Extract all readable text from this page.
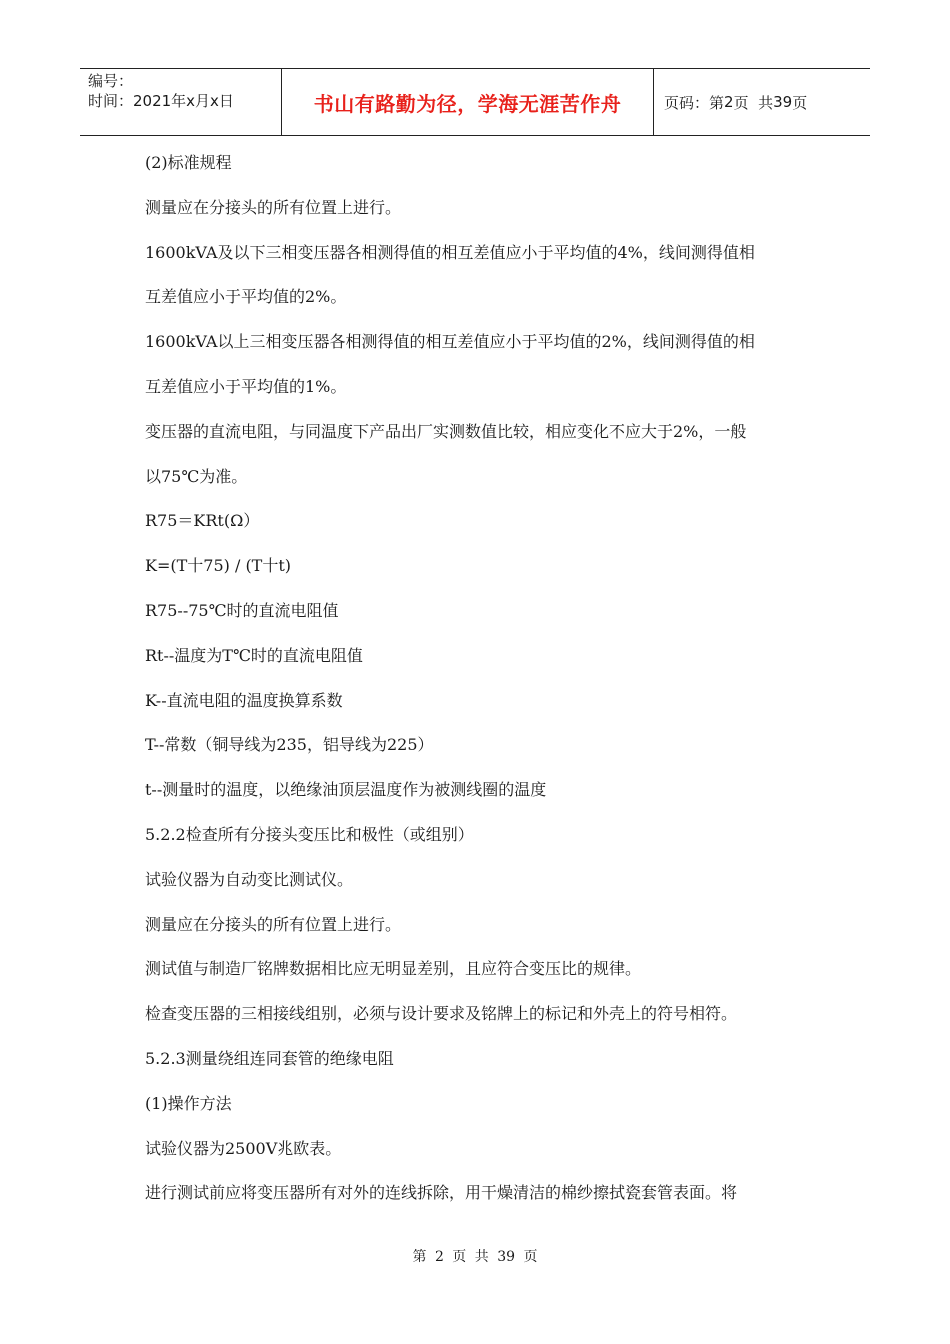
编号：
时间：2021年x月x日	书山有路勤为径，学海无涯苦作舟	页码：第 2 页  共 39 页
(2)标准规程
测量应在分接头的所有位置上进行。
1600kVA及以下三相变压器各相测得值的相互差值应小于平均值的4%，线间测得值相
互差值应小于平均值的2%。
1600kVA以上三相变压器各相测得值的相互差值应小于平均值的2%，线间测得值的相
互差值应小于平均值的1%。
变压器的直流电阻，与同温度下产品出厂实测数值比较，相应变化不应大于2%，一般
以75℃为准。
R75＝KRt(Ω）
K=(T十75) / (T十t)
R75--75℃时的直流电阻值
Rt--温度为T℃时的直流电阻值
K--直流电阻的温度换算系数
T--常数（铜导线为235，铝导线为225）
t--测量时的温度，以绝缘油顶层温度作为被测线圈的温度
5.2.2检查所有分接头变压比和极性（或组别）
试验仪器为自动变比测试仪。
测量应在分接头的所有位置上进行。
测试值与制造厂铭牌数据相比应无明显差别，且应符合变压比的规律。
检查变压器的三相接线组别，必须与设计要求及铭牌上的标记和外壳上的符号相符。
5.2.3测量绕组连同套管的绝缘电阻
(1)操作方法
试验仪器为2500V兆欧表。
进行测试前应将变压器所有对外的连线拆除，用干燥清洁的棉纱擦拭瓷套管表面。将
第 2 页 共 39 页
